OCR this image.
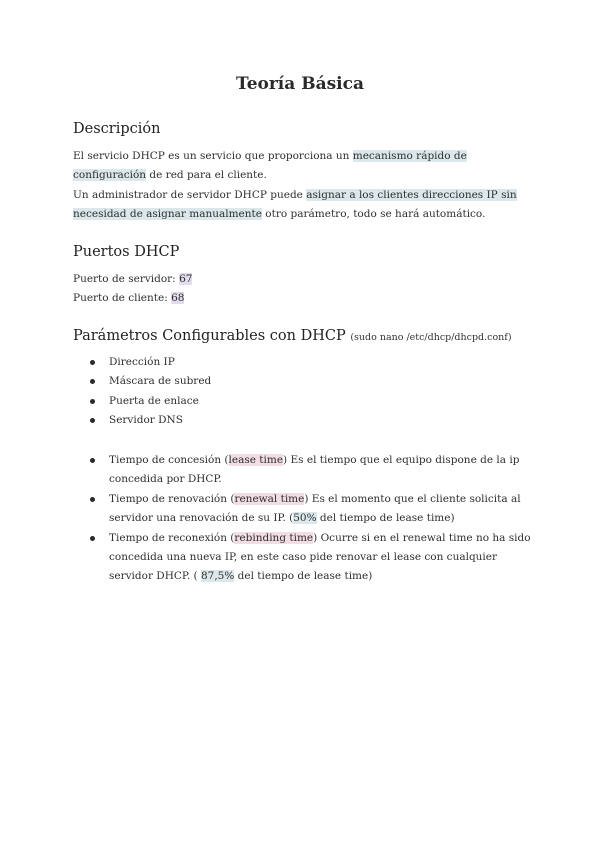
Teoría Básica
Descripción
El servicio DHCP es un servicio que proporciona un mecanismo rápido de configuración de red para el cliente.
Un administrador de servidor DHCP puede asignar a los clientes direcciones IP sin necesidad de asignar manualmente otro parámetro, todo se hará automático.
Puertos DHCP
Puerto de servidor: 67
Puerto de cliente: 68
Parámetros Configurables con DHCP (sudo nano /etc/dhcp/dhcpd.conf)
Dirección IP
Máscara de subred
Puerta de enlace
Servidor DNS
Tiempo de concesión (lease time) Es el tiempo que el equipo dispone de la ip concedida por DHCP.
Tiempo de renovación (renewal time) Es el momento que el cliente solicita al servidor una renovación de su IP. (50% del tiempo de lease time)
Tiempo de reconexión (rebinding time) Ocurre si en el renewal time no ha sido concedida una nueva IP, en este caso pide renovar el lease con cualquier servidor DHCP. ( 87,5% del tiempo de lease time)
